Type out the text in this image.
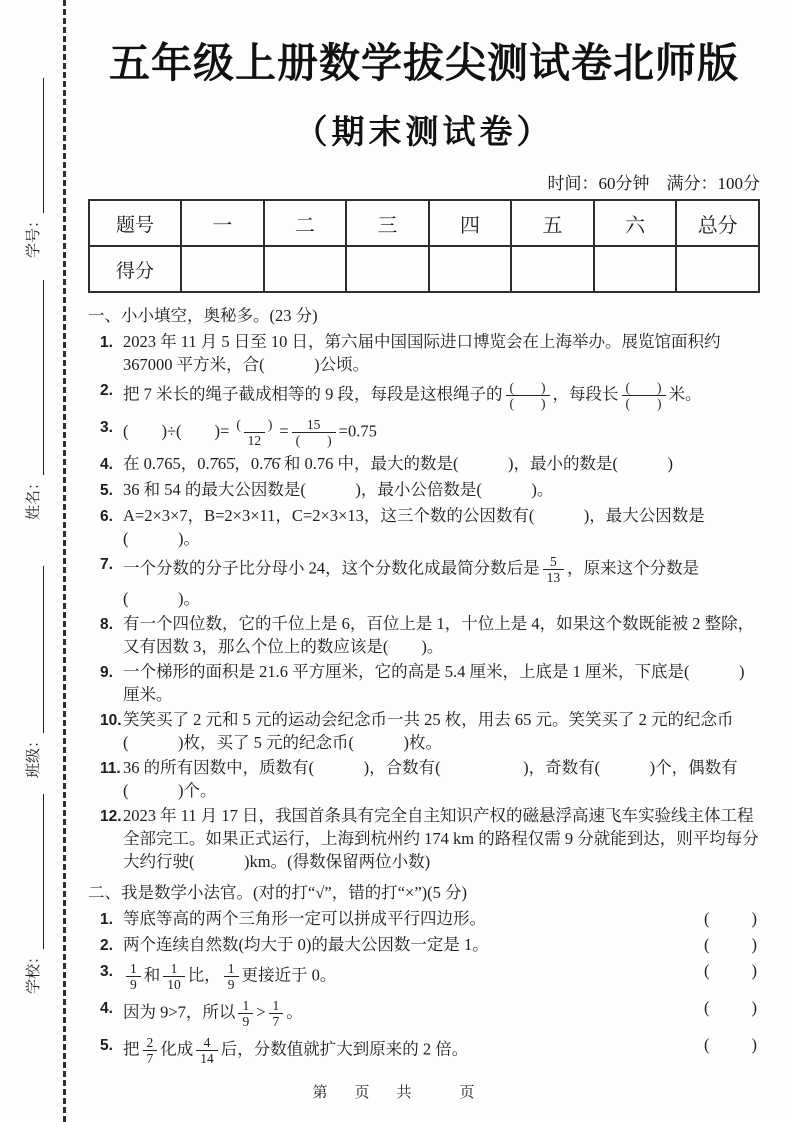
学号：
姓名：
班级：
学校：
五年级上册数学拔尖测试卷北师版
（期末测试卷）
时间：60分钟　满分：100分
题号	一	二	三	四	五	六	总分
得分							
一、小小填空，奥秘多。(23 分)
1. 2023 年 11 月 5 日至 10 日，第六届中国国际进口博览会在上海举办。展览馆面积约 367000 平方米，合(　　　)公顷。
2. 把 7 米长的绳子截成相等的 9 段，每段是这根绳子的 $\frac{( )}{( )}$ ，每段长 $\frac{( )}{( )}$ 米。
3. (　　)÷(　　)= $\frac{( )}{12} = \frac{15}{( )} =0.75$
4. 在 0.765，0.7̇65̇，0.7̇6̇ 和 0.76 中，最大的数是(　　　)，最小的数是(　　　)
5. 36 和 54 的最大公因数是(　　　)，最小公倍数是(　　　)。
6. A=2×3×7，B=2×3×11，C=2×3×13，这三个数的公因数有(　　　)，最大公因数是(　　　)。
7. 一个分数的分子比分母小 24，这个分数化成最简分数后是 $\frac{5}{13}$ ，原来这个分数是(　　　)。
8. 有一个四位数，它的千位上是 6，百位上是 1，十位上是 4，如果这个数既能被 2 整除，又有因数 3，那么个位上的数应该是(　　)。
9. 一个梯形的面积是 21.6 平方厘米，它的高是 5.4 厘米，上底是 1 厘米，下底是(　　　)厘米。
10. 笑笑买了 2 元和 5 元的运动会纪念币一共 25 枚，用去 65 元。笑笑买了 2 元的纪念币(　　　)枚，买了 5 元的纪念币(　　　)枚。
11. 36 的所有因数中，质数有(　　　)，合数有(　　　　　)，奇数有(　　　)个，偶数有(　　　)个。
12. 2023 年 11 月 17 日，我国首条具有完全自主知识产权的磁悬浮高速飞车实验线主体工程全部完工。如果正式运行，上海到杭州约 174 km 的路程仅需 9 分就能到达，则平均每分大约行驶(　　　)km。(得数保留两位小数)
二、我是数学小法官。(对的打“√”，错的打“×”)(5 分)
1. 等底等高的两个三角形一定可以拼成平行四边形。	(　　)
2. 两个连续自然数(均大于 0)的最大公因数一定是 1。	(　　)
3. $\frac{1}{9}$ 和 $\frac{1}{10}$ 比， $\frac{1}{9}$ 更接近于 0。	(　　)
4. 因为 9>7，所以 $\frac{1}{9} > \frac{1}{7}$ 。	(　　)
5. 把 $\frac{2}{7}$ 化成 $\frac{4}{14}$ 后，分数值就扩大到原来的 2 倍。	(　　)
第　页　共　　页
